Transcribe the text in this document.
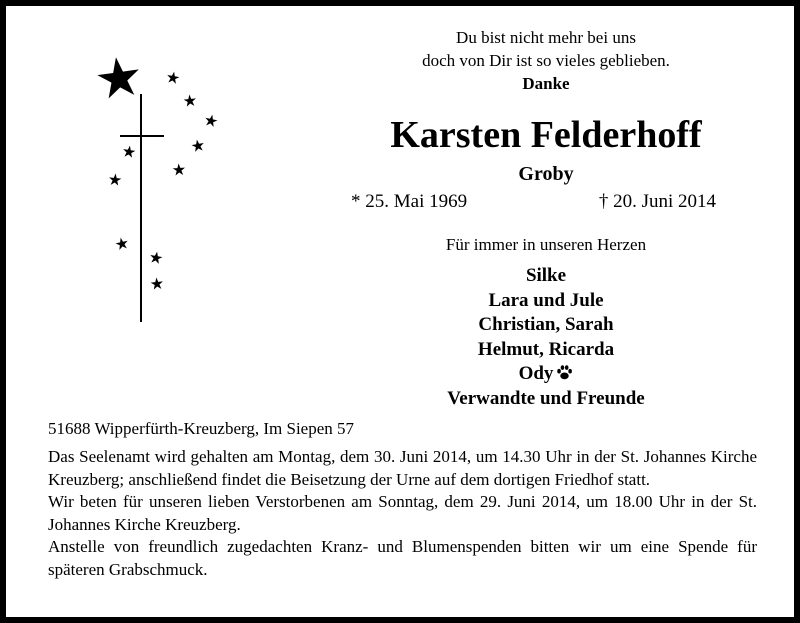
Du bist nicht mehr bei uns
doch von Dir ist so vieles geblieben.
Danke
Karsten Felderhoff
Groby
* 25. Mai 1969	† 20. Juni 2014
Für immer in unseren Herzen
Silke
Lara und Jule
Christian, Sarah
Helmut, Ricarda
Ody
Verwandte und Freunde
51688 Wipperfürth-Kreuzberg, Im Siepen 57

Das Seelenamt wird gehalten am Montag, dem 30. Juni 2014, um 14.30 Uhr in der St. Johannes Kirche Kreuzberg; anschließend findet die Beisetzung der Urne auf dem dortigen Friedhof statt.

Wir beten für unseren lieben Verstorbenen am Sonntag, dem 29. Juni 2014, um 18.00 Uhr in der St. Johannes Kirche Kreuzberg.

Anstelle von freundlich zugedachten Kranz- und Blumenspenden bitten wir um eine Spende für späteren Grabschmuck.
